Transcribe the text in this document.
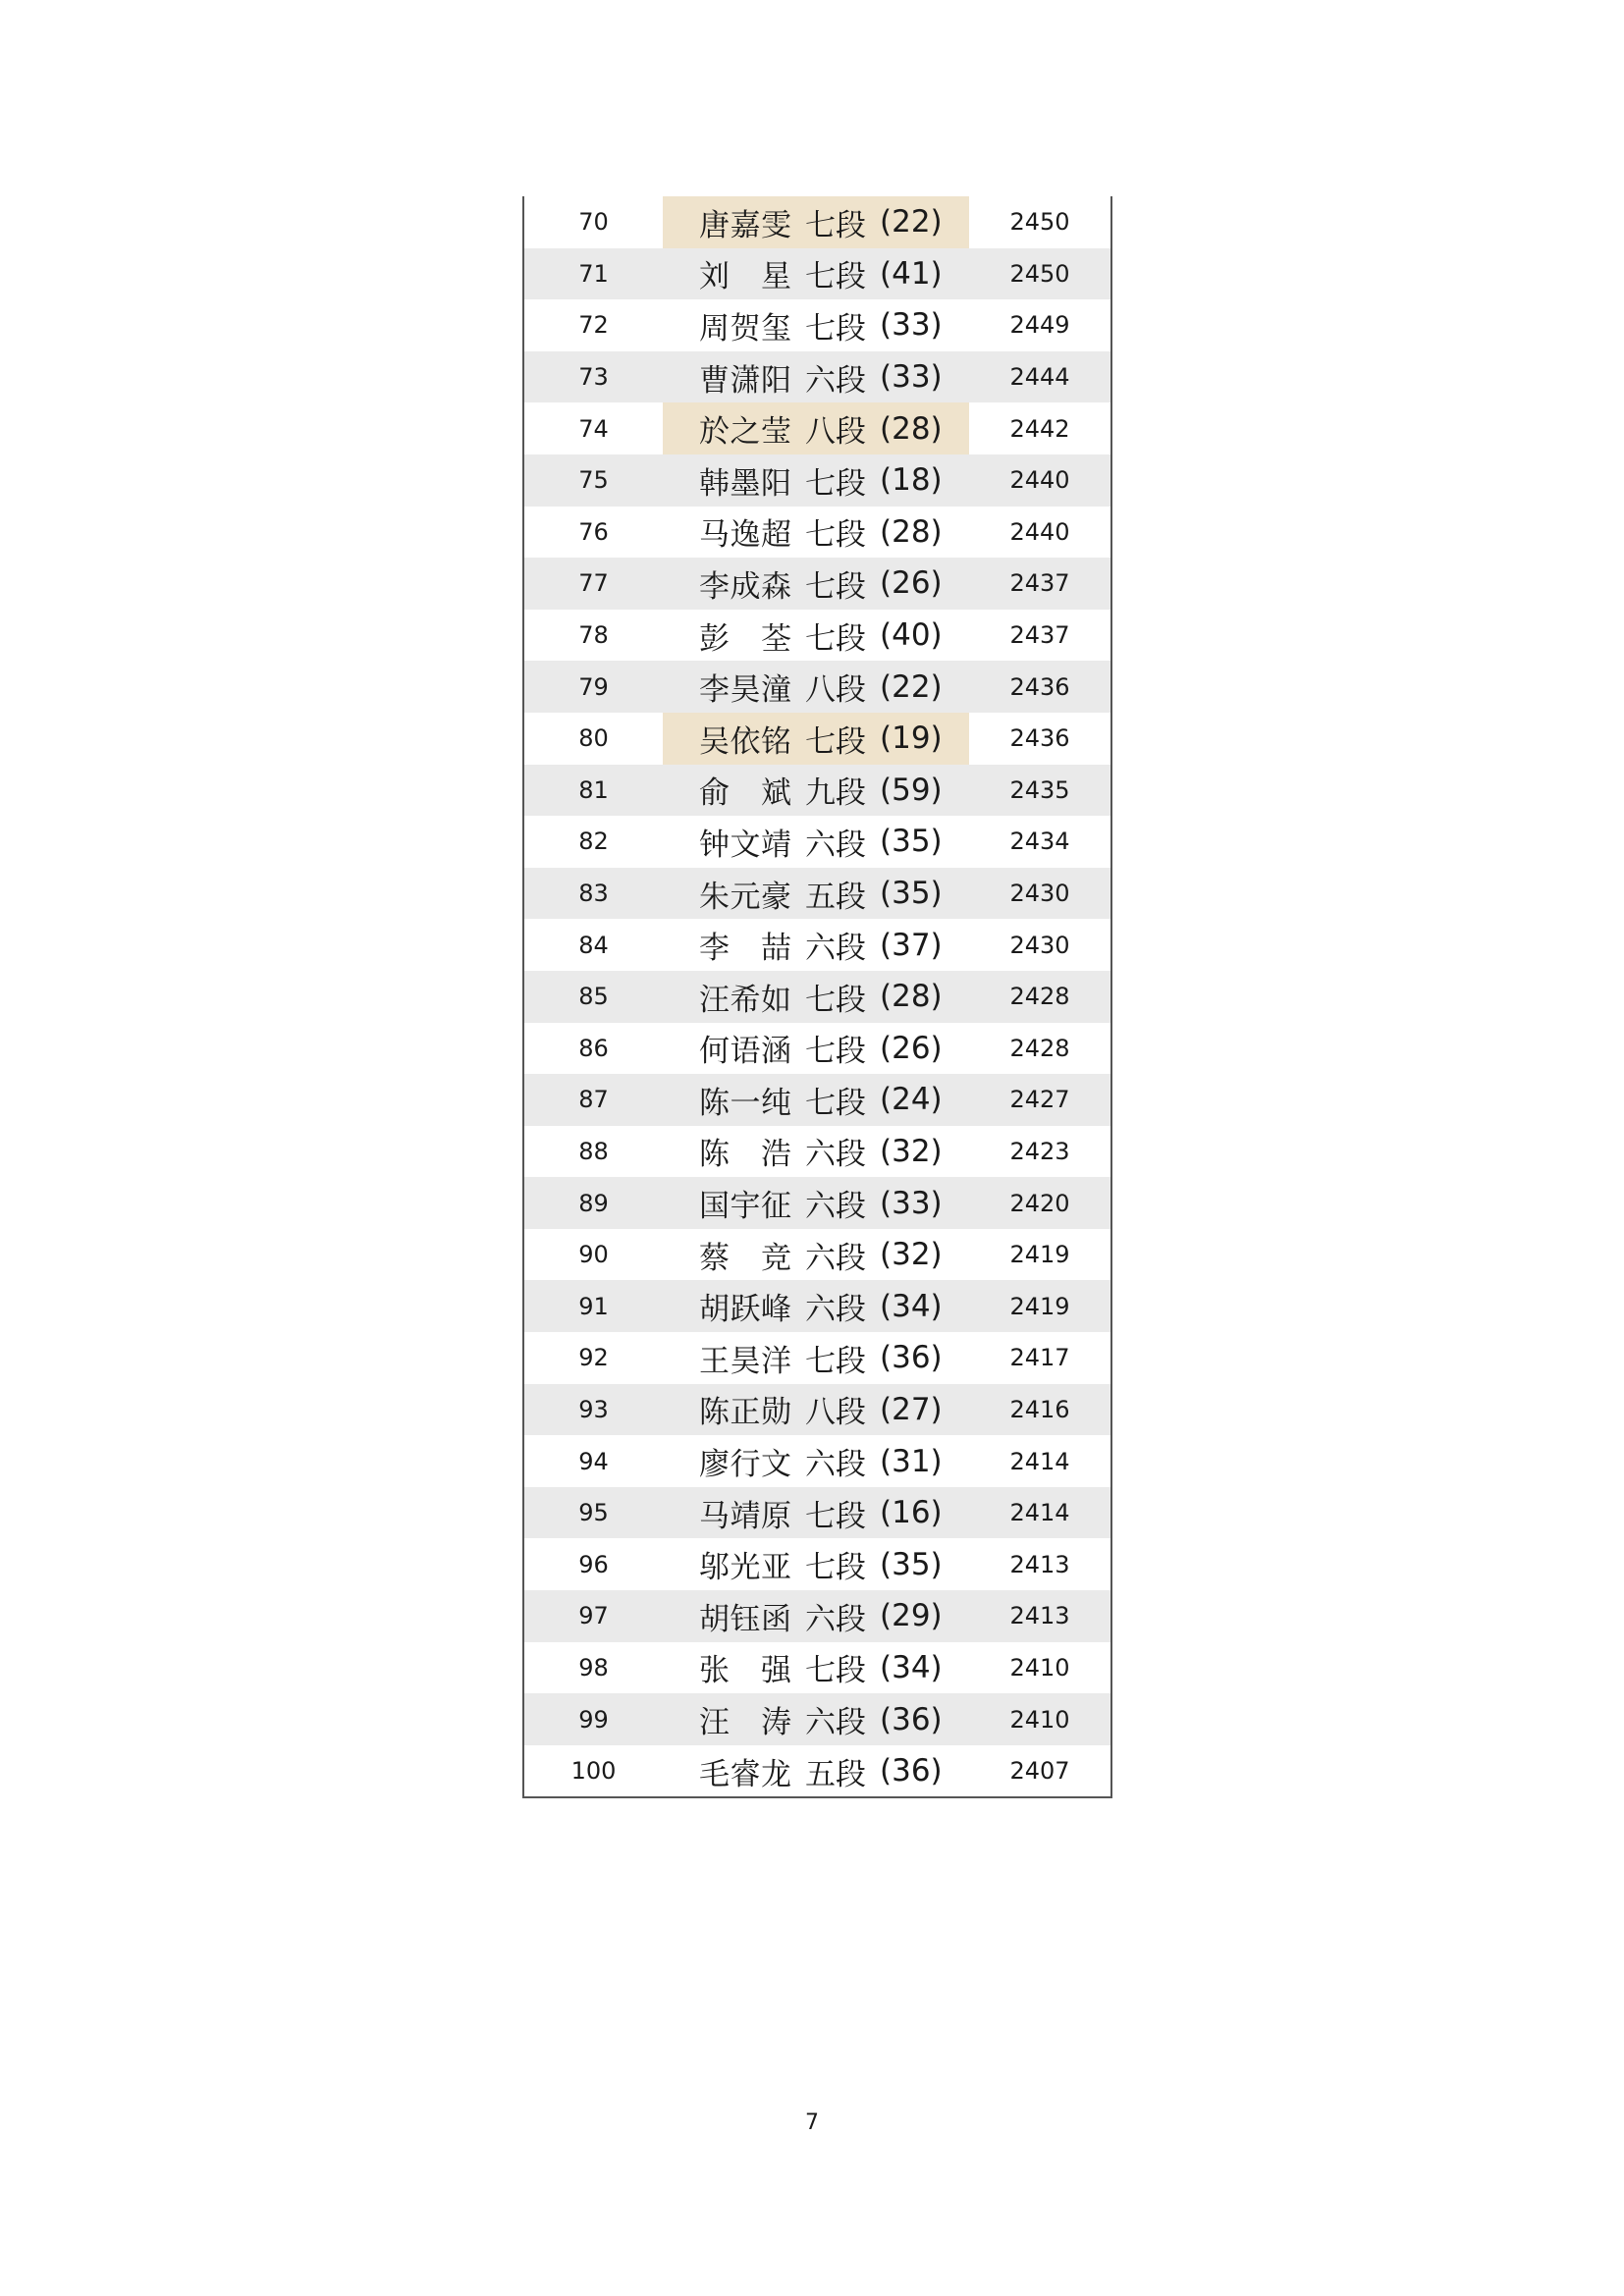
70	唐嘉雯 七段 (22)	2450
71	刘星 七段 (41)	2450
72	周贺玺 七段 (33)	2449
73	曹潇阳 六段 (33)	2444
74	於之莹 八段 (28)	2442
75	韩墨阳 七段 (18)	2440
76	马逸超 七段 (28)	2440
77	李成森 七段 (26)	2437
78	彭荃 七段 (40)	2437
79	李昊潼 八段 (22)	2436
80	吴依铭 七段 (19)	2436
81	俞斌 九段 (59)	2435
82	钟文靖 六段 (35)	2434
83	朱元豪 五段 (35)	2430
84	李喆 六段 (37)	2430
85	汪希如 七段 (28)	2428
86	何语涵 七段 (26)	2428
87	陈一纯 七段 (24)	2427
88	陈浩 六段 (32)	2423
89	国宇征 六段 (33)	2420
90	蔡竞 六段 (32)	2419
91	胡跃峰 六段 (34)	2419
92	王昊洋 七段 (36)	2417
93	陈正勋 八段 (27)	2416
94	廖行文 六段 (31)	2414
95	马靖原 七段 (16)	2414
96	邬光亚 七段 (35)	2413
97	胡钰函 六段 (29)	2413
98	张强 七段 (34)	2410
99	汪涛 六段 (36)	2410
100	毛睿龙 五段 (36)	2407
7
